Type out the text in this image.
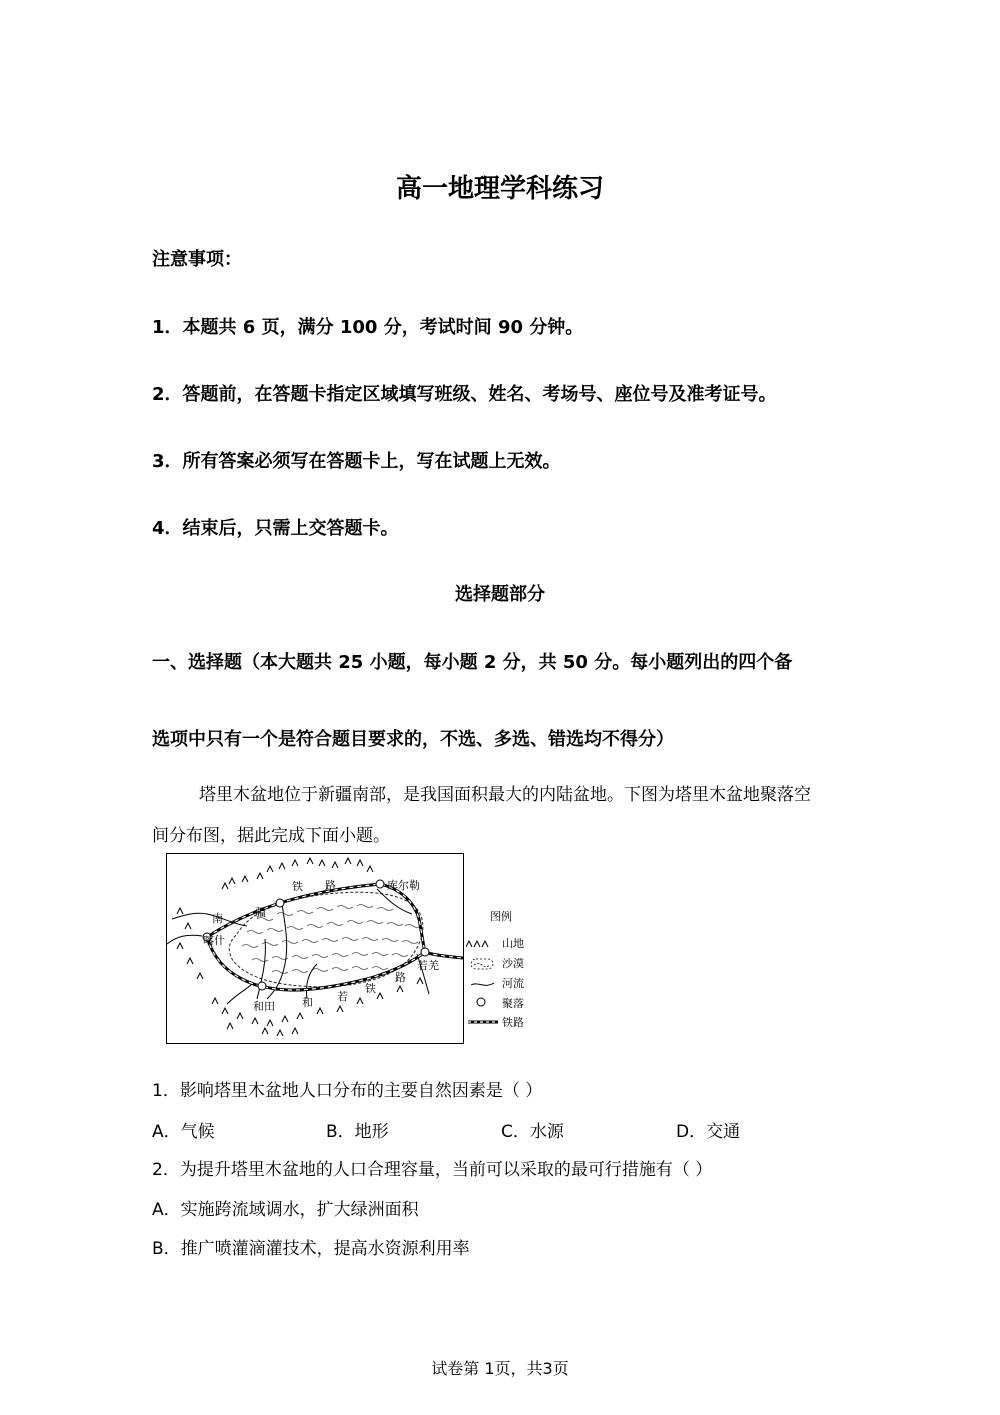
高一地理学科练习
注意事项：
1．本题共 6 页，满分 100 分，考试时间 90 分钟。
2．答题前，在答题卡指定区域填写班级、姓名、考场号、座位号及准考证号。
3．所有答案必须写在答题卡上，写在试题上无效。
4．结束后，只需上交答题卡。
选择题部分
一、选择题（本大题共 25 小题，每小题 2 分，共 50 分。每小题列出的四个备
选项中只有一个是符合题目要求的，不选、多选、错选均不得分）
塔里木盆地位于新疆南部，是我国面积最大的内陆盆地。下图为塔里木盆地聚落空
间分布图，据此完成下面小题。
库尔勒
喀什
若羌
和田
南	疆
铁 路
和 若
铁
路
图例
山地
沙漠
河流
聚落
铁路
1．影响塔里木盆地人口分布的主要自然因素是（ ）
A．气候	B．地形	C．水源	D．交通
2．为提升塔里木盆地的人口合理容量，当前可以采取的最可行措施有（ ）
A．实施跨流域调水，扩大绿洲面积
B．推广喷灌滴灌技术，提高水资源利用率
试卷第 1页，共3页
